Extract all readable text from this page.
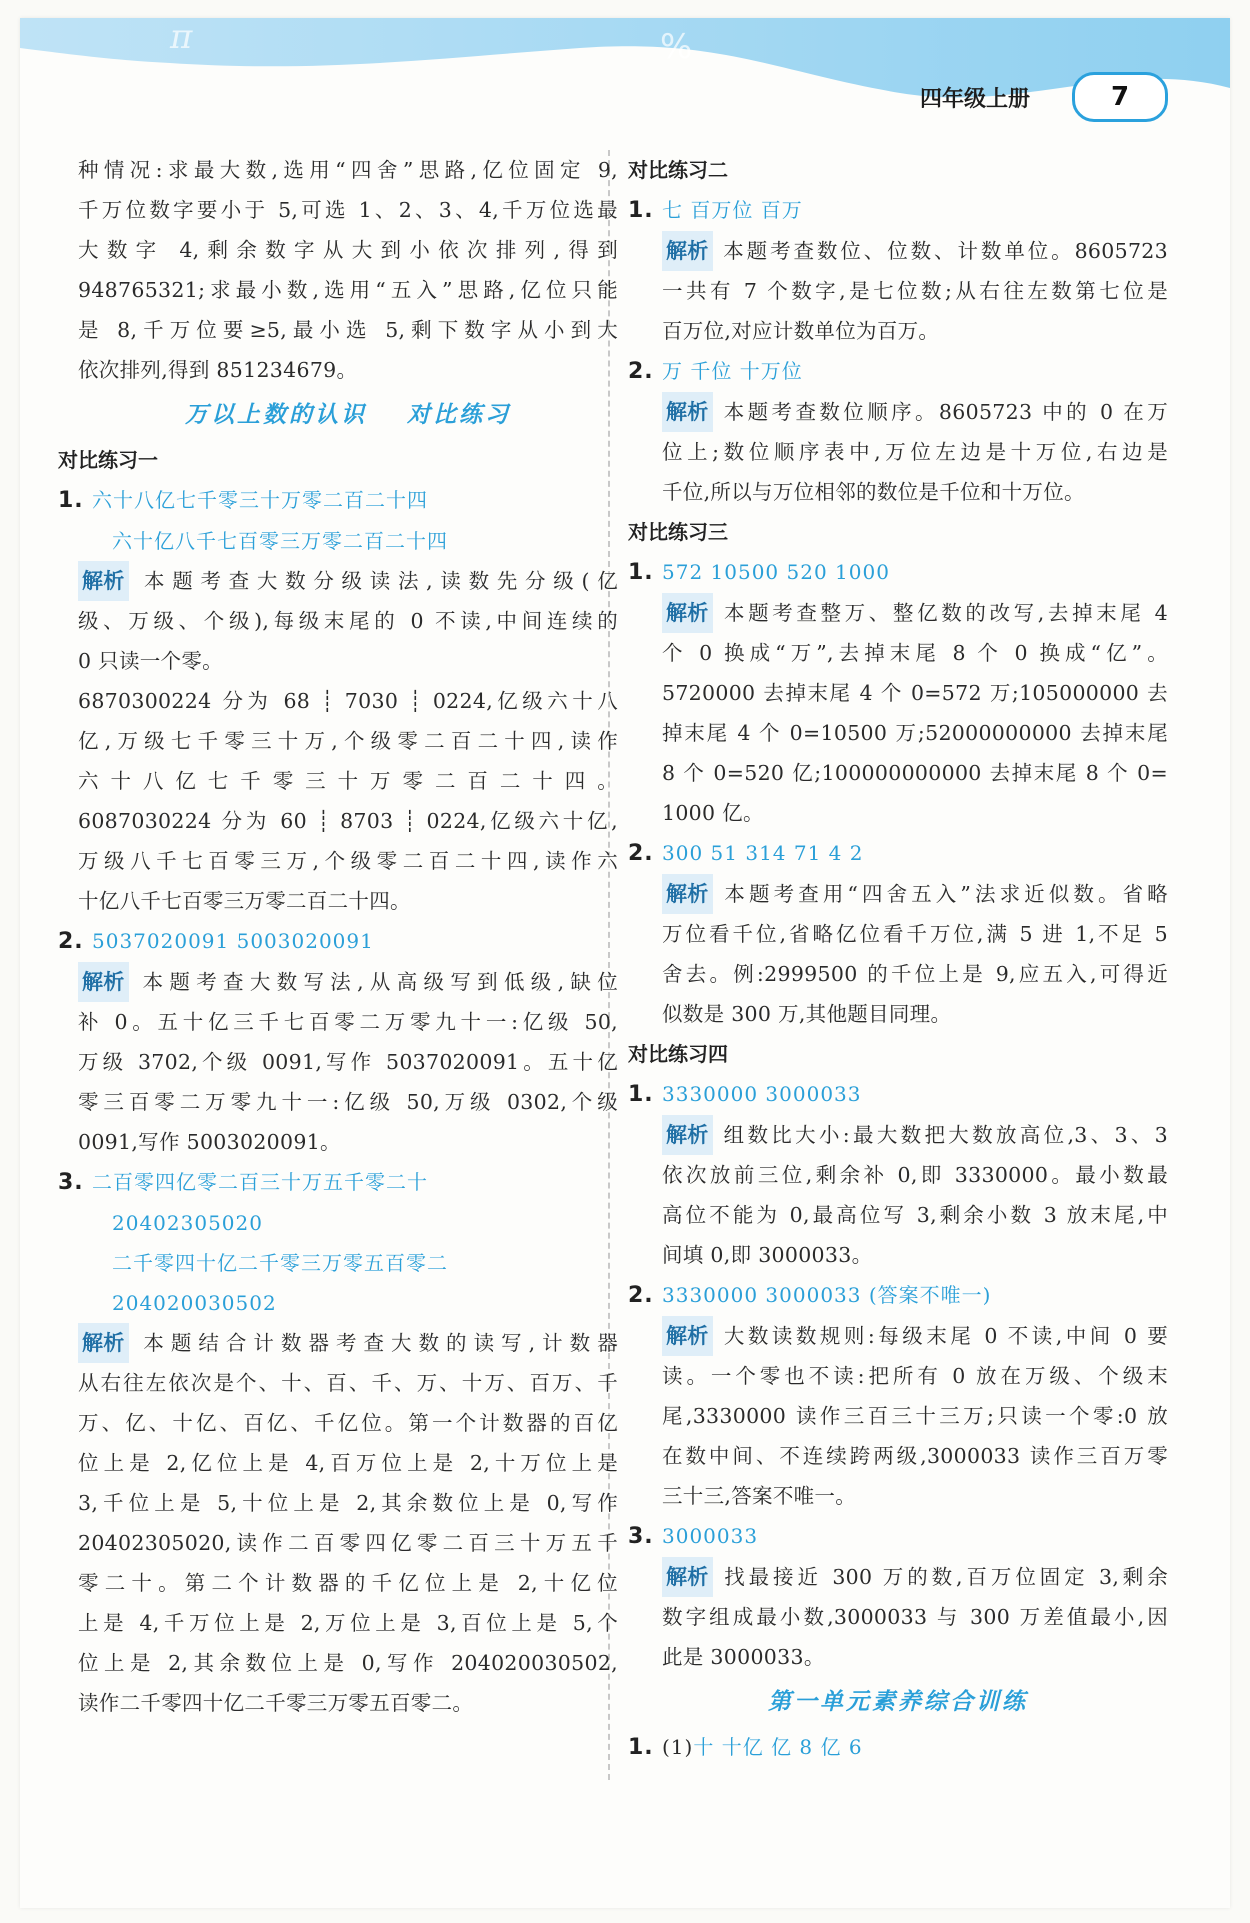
π	%
四年级上册	7
种情况:求最大数,选用“四舍”思路,亿位固定 9,
千万位数字要小于 5,可选 1、2、3、4,千万位选最
大数字 4,剩余数字从大到小依次排列,得到
948765321;求最小数,选用“五入”思路,亿位只能
是 8,千万位要≥5,最小选 5,剩下数字从小到大
依次排列,得到 851234679。
万以上数的认识 对比练习
对比练习一
1. 六十八亿七千零三十万零二百二十四
六十亿八千七百零三万零二百二十四
解析 本题考查大数分级读法,读数先分级(亿
级、万级、个级),每级末尾的 0 不读,中间连续的
0 只读一个零。
6870300224 分为 68 ┊ 7030 ┊ 0224,亿级六十八
亿,万级七千零三十万,个级零二百二十四,读作
六十八亿七千零三十万零二百二十四。
6087030224 分为 60 ┊ 8703 ┊ 0224,亿级六十亿,
万级八千七百零三万,个级零二百二十四,读作六
十亿八千七百零三万零二百二十四。
2. 5037020091 5003020091
解析 本题考查大数写法,从高级写到低级,缺位
补 0。五十亿三千七百零二万零九十一:亿级 50,
万级 3702,个级 0091,写作 5037020091。五十亿
零三百零二万零九十一:亿级 50,万级 0302,个级
0091,写作 5003020091。
3. 二百零四亿零二百三十万五千零二十
20402305020
二千零四十亿二千零三万零五百零二
204020030502
解析 本题结合计数器考查大数的读写,计数器
从右往左依次是个、十、百、千、万、十万、百万、千
万、亿、十亿、百亿、千亿位。第一个计数器的百亿
位上是 2,亿位上是 4,百万位上是 2,十万位上是
3,千位上是 5,十位上是 2,其余数位上是 0,写作
20402305020,读作二百零四亿零二百三十万五千
零二十。第二个计数器的千亿位上是 2,十亿位
上是 4,千万位上是 2,万位上是 3,百位上是 5,个
位上是 2,其余数位上是 0,写作 204020030502,
读作二千零四十亿二千零三万零五百零二。
对比练习二
1. 七 百万位 百万
解析 本题考查数位、位数、计数单位。8605723
一共有 7 个数字,是七位数;从右往左数第七位是
百万位,对应计数单位为百万。
2. 万 千位 十万位
解析 本题考查数位顺序。8605723 中的 0 在万
位上;数位顺序表中,万位左边是十万位,右边是
千位,所以与万位相邻的数位是千位和十万位。
对比练习三
1. 572 10500 520 1000
解析 本题考查整万、整亿数的改写,去掉末尾 4
个 0 换成“万”,去掉末尾 8 个 0 换成“亿”。
5720000 去掉末尾 4 个 0=572 万;105000000 去
掉末尾 4 个 0=10500 万;52000000000 去掉末尾
8 个 0=520 亿;100000000000 去掉末尾 8 个 0=
1000 亿。
2. 300 51 314 71 4 2
解析 本题考查用“四舍五入”法求近似数。省略
万位看千位,省略亿位看千万位,满 5 进 1,不足 5
舍去。例:2999500 的千位上是 9,应五入,可得近
似数是 300 万,其他题目同理。
对比练习四
1. 3330000 3000033
解析 组数比大小:最大数把大数放高位,3、3、3
依次放前三位,剩余补 0,即 3330000。最小数最
高位不能为 0,最高位写 3,剩余小数 3 放末尾,中
间填 0,即 3000033。
2. 3330000 3000033 (答案不唯一)
解析 大数读数规则:每级末尾 0 不读,中间 0 要
读。一个零也不读:把所有 0 放在万级、个级末
尾,3330000 读作三百三十三万;只读一个零:0 放
在数中间、不连续跨两级,3000033 读作三百万零
三十三,答案不唯一。
3. 3000033
解析 找最接近 300 万的数,百万位固定 3,剩余
数字组成最小数,3000033 与 300 万差值最小,因
此是 3000033。
第一单元素养综合训练
1. (1)十 十亿 亿 8 亿 6
